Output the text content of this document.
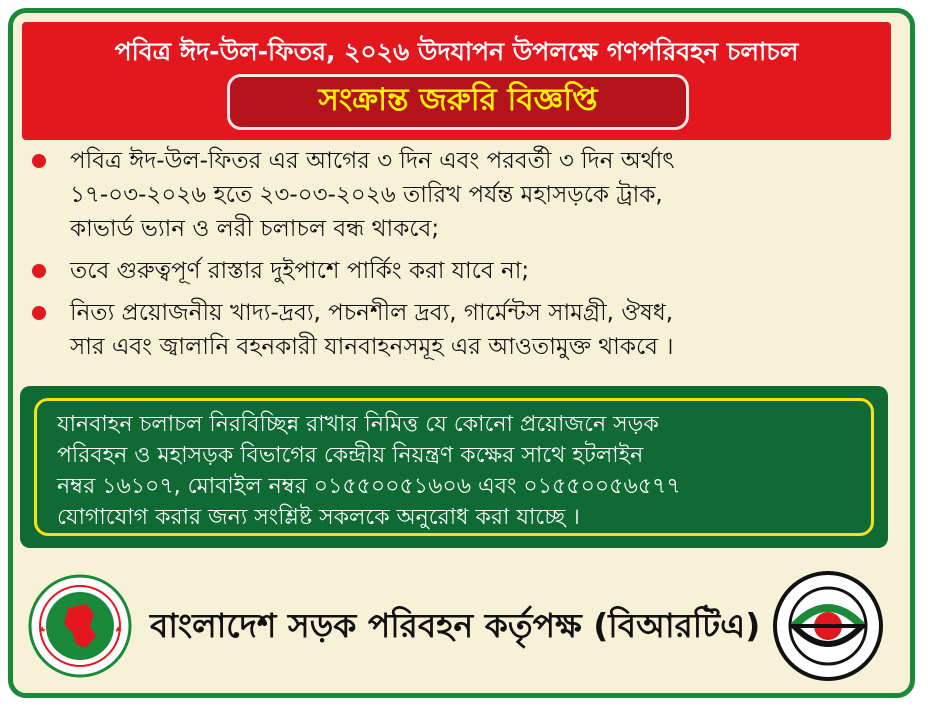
পবিত্র ঈদ-উল-ফিতর, ২০২৬ উদযাপন উপলক্ষে গণপরিবহন চলাচল
সংক্রান্ত জরুরি বিজ্ঞপ্তি
পবিত্র ঈদ-উল-ফিতর এর আগের ৩ দিন এবং পরবর্তী ৩ দিন অর্থাৎ
১৭-০৩-২০২৬ হতে ২৩-০৩-২০২৬ তারিখ পর্যন্ত মহাসড়কে ট্রাক,
কাভার্ড ভ্যান ও লরী চলাচল বন্ধ থাকবে;
তবে গুরুত্বপূর্ণ রাস্তার দুইপাশে পার্কিং করা যাবে না;
নিত্য প্রয়োজনীয় খাদ্য-দ্রব্য, পচনশীল দ্রব্য, গার্মেন্টস সামগ্রী, ঔষধ,
সার এবং জ্বালানি বহনকারী যানবাহনসমূহ এর আওতামুক্ত থাকবে ।
যানবাহন চলাচল নিরবিচ্ছিন্ন রাখার নিমিত্ত যে কোনো প্রয়োজনে সড়ক
পরিবহন ও মহাসড়ক বিভাগের কেন্দ্রীয় নিয়ন্ত্রণ কক্ষের সাথে হটলাইন
নম্বর ১৬১০৭, মোবাইল নম্বর ০১৫৫০০৫১৬০৬ এবং ০১৫৫০০৫৬৫৭৭
যোগাযোগ করার জন্য সংশ্লিষ্ট সকলকে অনুরোধ করা যাচ্ছে ।
বাংলাদেশ সড়ক পরিবহন কর্তৃপক্ষ (বিআরটিএ)
